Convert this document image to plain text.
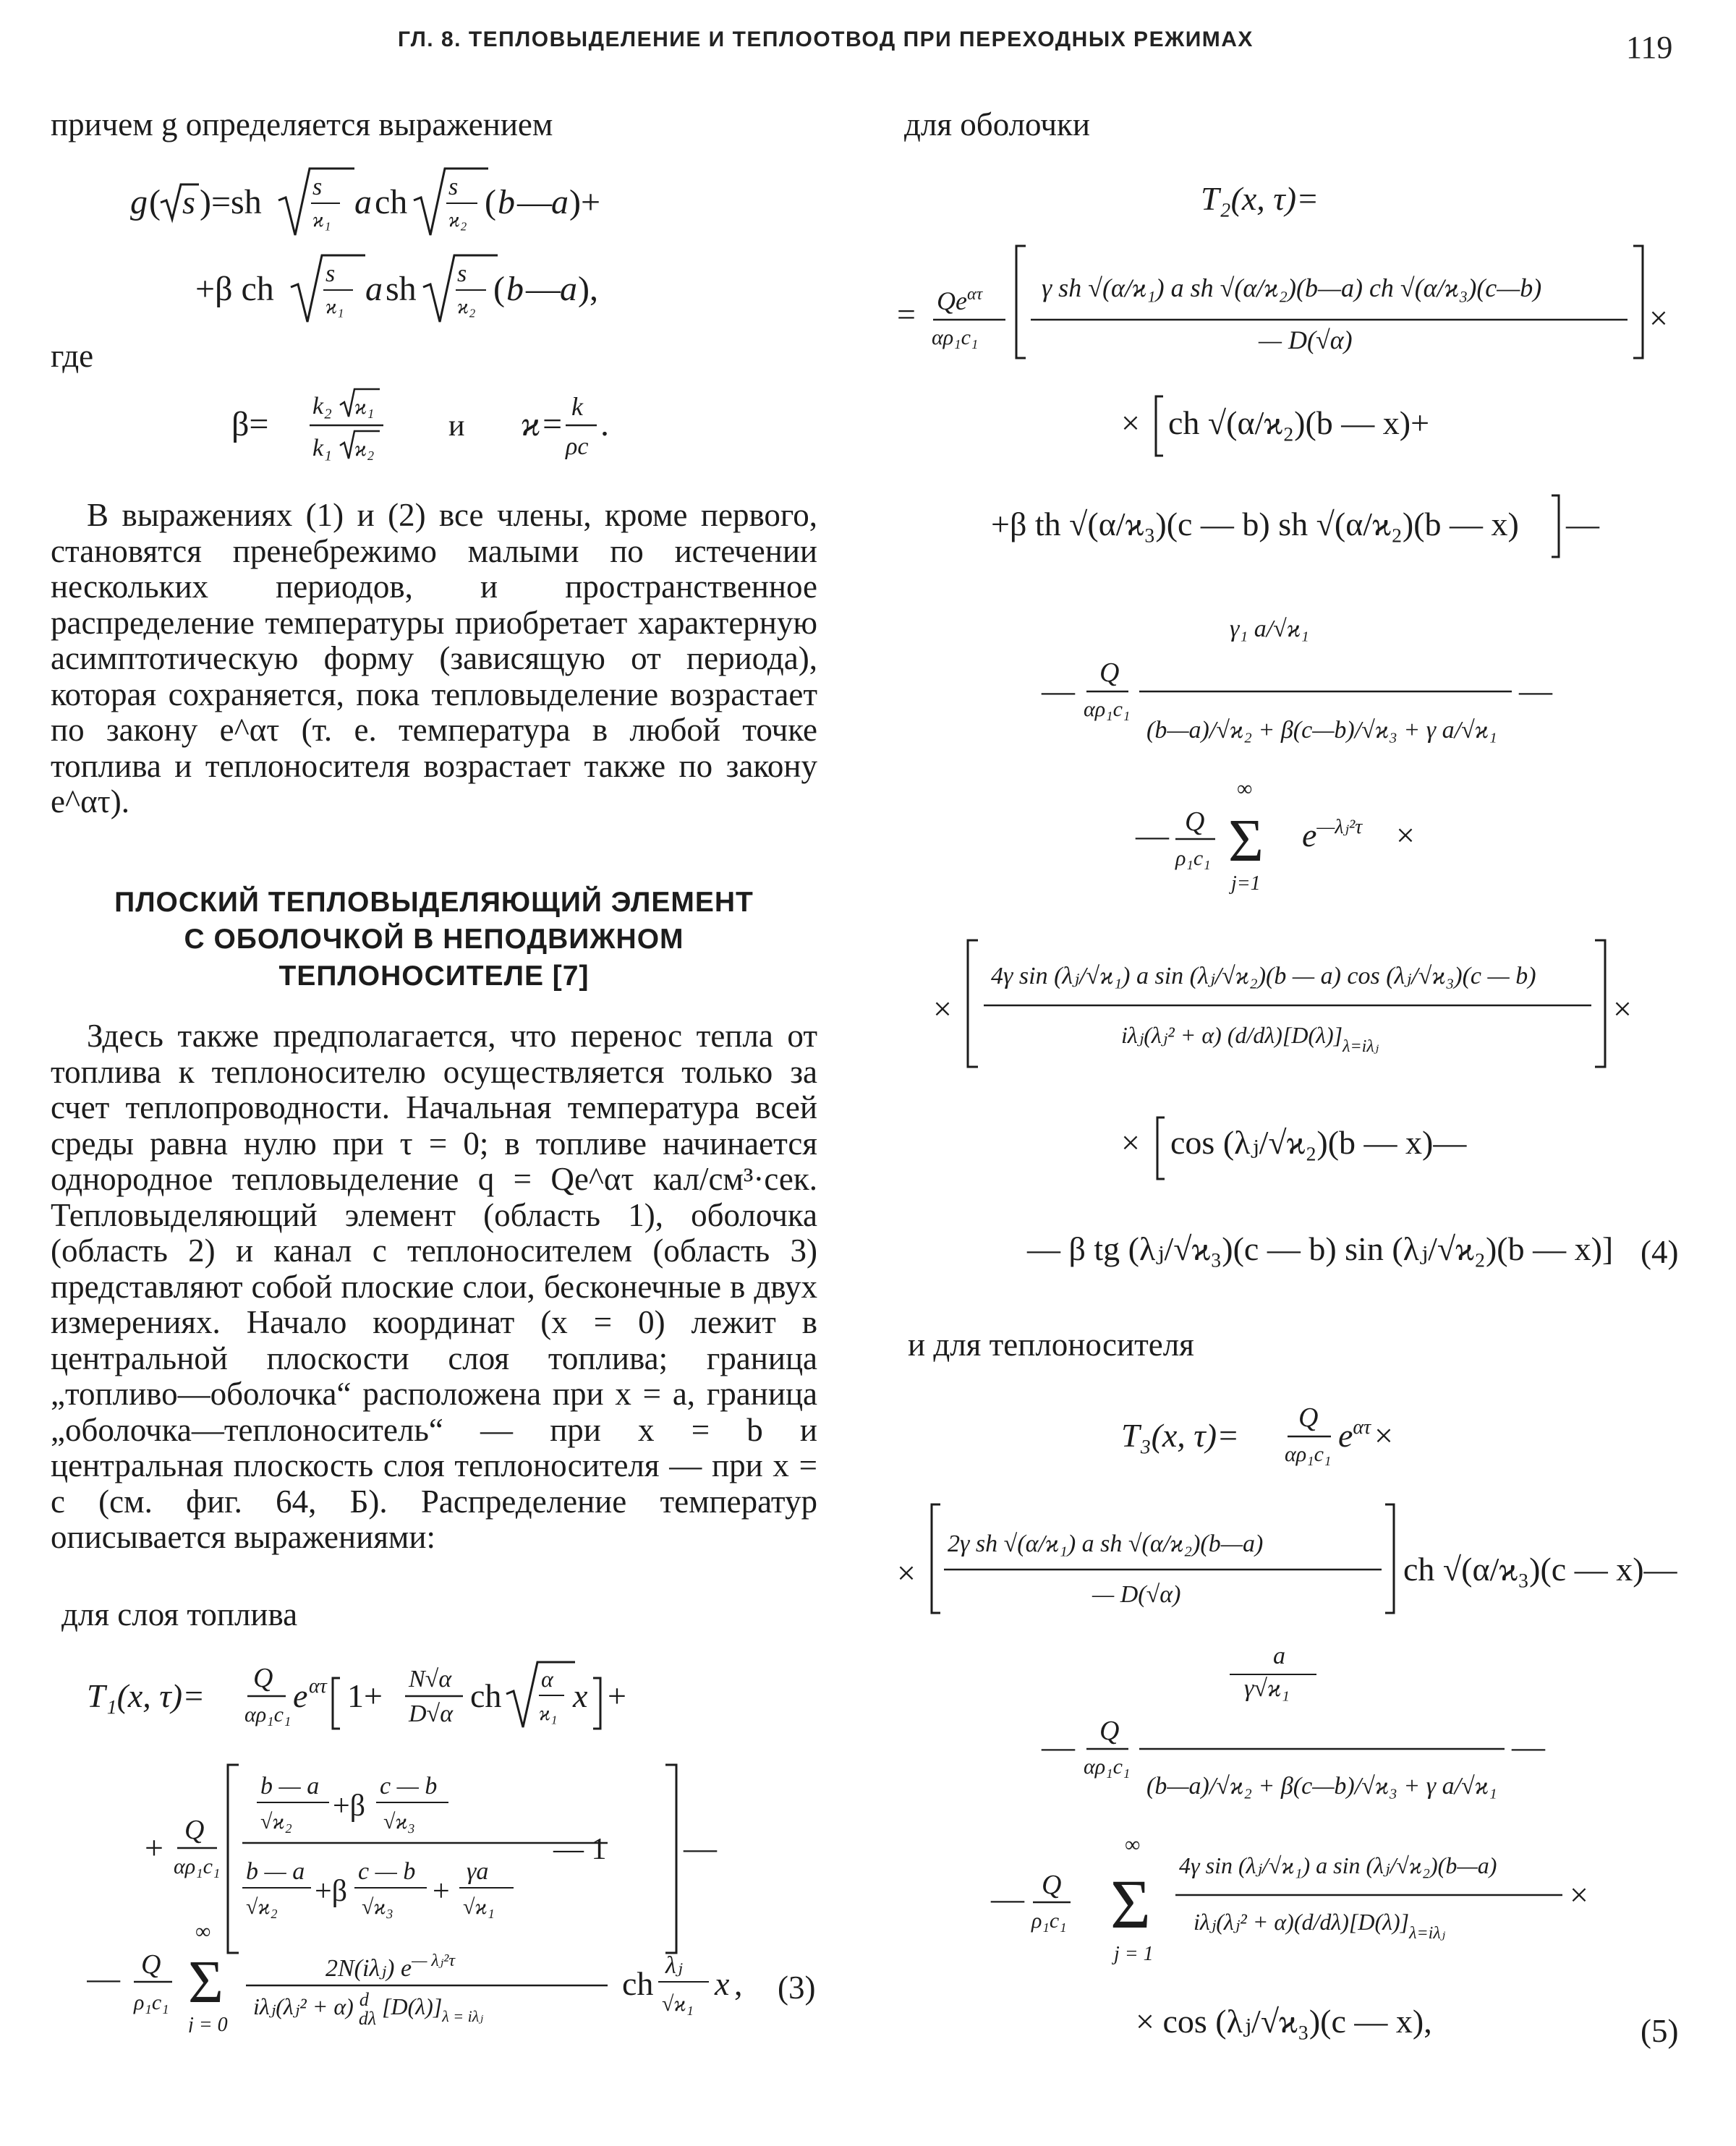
ГЛ. 8. ТЕПЛОВЫДЕЛЕНИЕ И ТЕПЛООТВОД ПРИ ПЕРЕХОДНЫХ РЕЖИМАХ	119
причем g определяется выражением
g ( s )=sh s
ϰ₁ a ch s
ϰ₂ ( b — a )+
+β ch s
ϰ₁ a sh s
ϰ₂ ( b — a ),
где
β= k₂ ϰ₁
k₁ ϰ₂
и ϰ= k
ρc
.
В выражениях (1) и (2) все члены, кроме первого, становятся пренебрежимо малыми по истечении нескольких периодов, и пространственное распределение температуры приобретает характерную асимптотическую форму (зависящую от периода), которая сохраняется, пока тепловыделение возрастает по закону e^ατ (т. е. температура в любой точке топлива и теплоносителя возрастает также по закону e^ατ).
ПЛОСКИЙ ТЕПЛОВЫДЕЛЯЮЩИЙ ЭЛЕМЕНТ
С ОБОЛОЧКОЙ В НЕПОДВИЖНОМ
ТЕПЛОНОСИТЕЛЕ [7]
Здесь также предполагается, что перенос тепла от топлива к теплоносителю осуществляется только за счет теплопроводности. Начальная температура всей среды равна нулю при τ = 0; в топливе начинается однородное тепловыделение q = Qe^ατ кал/см³·сек. Тепловыделяющий элемент (область 1), оболочка (область 2) и канал с теплоносителем (область 3) представляют собой плоские слои, бесконечные в двух измерениях. Начало координат (x = 0) лежит в центральной плоскости слоя топлива; граница „топливо—оболочка“ расположена при x = a, граница „оболочка—теплоноситель“ — при x = b и центральная плоскость слоя теплоносителя — при x = c (см. фиг. 64, Б). Распределение температур описывается выражениями:
для слоя топлива
T₁(x, τ)= Q
αρ₁c₁
e ατ 1+ N√α
D√α ch α
ϰ₁ x +
+ Q
αρ₁c₁
b — a
√ϰ₂ +β
c — b
√ϰ₃
b — a
√ϰ₂ +β
c — b
√ϰ₃ +
γa
√ϰ₁
— 1 —
— Q
ρ₁c₁
∞
Σ
j = 0
2N(iλⱼ) $e^{— \lambda ⱼ^2\tau}$
iλⱼ(λⱼ² + α) $^d$ dλ $[D(\lambda)]_{\lambda = i\lambda ⱼ}$
ch λⱼ
√ϰ₁
x , (3)
для оболочки
T₂(x, τ)=
= $Qe^{\alpha\tau}$
αρ₁c₁
γ sh √(α/ϰ₁) a sh √(α/ϰ₂)(b—a) ch √(α/ϰ₃)(c—b)
— D(√α)
×
× ch √(α/ϰ₂)(b — x)+
+β th √(α/ϰ₃)(c — b) sh √(α/ϰ₂)(b — x) —
— Q
αρ₁c₁
γ₁ a/√ϰ₁
(b—a)/√ϰ₂ + β(c—b)/√ϰ₃ + γ a/√ϰ₁
—
— Q
ρ₁c₁
∞
Σ
j=1
$e^{—\lambda ⱼ^2\tau}$ ×
×
4γ sin (λⱼ/√ϰ₁) a sin (λⱼ/√ϰ₂)(b — a) cos (λⱼ/√ϰ₃)(c — b)
iλⱼ(λⱼ² + α) $(d/d\lambda)[D(\lambda)]_{\lambda=i\lambda ⱼ}$
×
× cos (λⱼ/√ϰ₂)(b — x)—
— β tg (λⱼ/√ϰ₃)(c — b) sin (λⱼ/√ϰ₂)(b — x)] (4)
и для теплоносителя
T₃(x, τ)= Q
αρ₁c₁
$e^{\alpha\tau}$ ×
×
2γ sh √(α/ϰ₁) a sh √(α/ϰ₂)(b—a)
— D(√α)
ch √(α/ϰ₃)(c — x)—
— Q
αρ₁c₁
a
γ√ϰ₁
(b—a)/√ϰ₂ + β(c—b)/√ϰ₃ + γ a/√ϰ₁
—
— Q
ρ₁c₁
∞
Σ
j = 1
4γ sin (λⱼ/√ϰ₁) a sin (λⱼ/√ϰ₂)(b—a)
iλⱼ(λⱼ² + $\alpha)(d/d\lambda)[D(\lambda)]_{\lambda=i\lambda ⱼ}$
×
× cos (λⱼ/√ϰ₃)(c — x),	(5)
